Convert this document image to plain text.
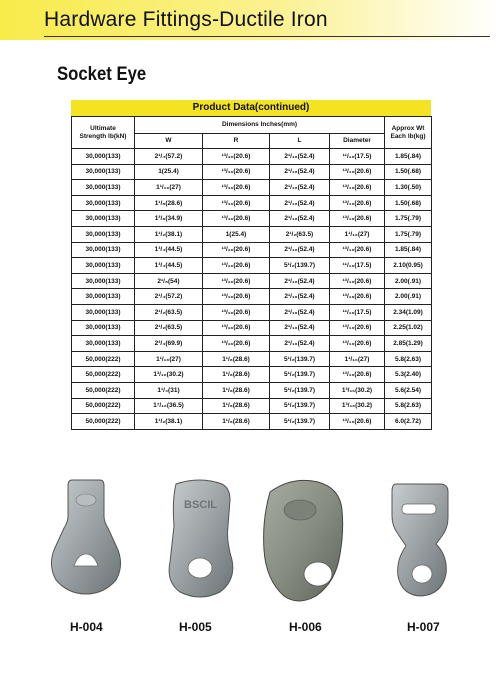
Hardware Fittings-Ductile Iron
Socket Eye
Product Data(continued)
Ultimate Strength lb(kN)	Dimensions Inches(mm)				Approx Wt Each lb(kg)
	W	R	L	Diameter	
30,000(133)	2¹/₄(57.2)	¹³/₁₆(20.6)	2¹/₁₆(52.4)	¹¹/₁₆(17.5)	1.85(.84)
30,000(133)	1(25.4)	¹³/₁₆(20.6)	2¹/₁₆(52.4)	¹³/₁₆(20.6)	1.50(.68)
30,000(133)	1¹/₁₆(27)	¹³/₁₆(20.6)	2¹/₁₆(52.4)	¹³/₁₆(20.6)	1.30(.50)
30,000(133)	1¹/₈(28.6)	¹³/₁₆(20.6)	2¹/₁₆(52.4)	¹³/₁₆(20.6)	1.50(.68)
30,000(133)	1³/₈(34.9)	¹³/₁₆(20.6)	2¹/₁₆(52.4)	¹³/₁₆(20.6)	1.75(.79)
30,000(133)	1¹/₂(38.1)	1(25.4)	2¹/₂(63.5)	1¹/₁₆(27)	1.75(.79)
30,000(133)	1³/₄(44.5)	¹³/₁₆(20.6)	2¹/₁₆(52.4)	¹³/₁₆(20.6)	1.85(.84)
30,000(133)	1³/₄(44.5)	¹³/₁₆(20.6)	5¹/₂(139.7)	¹¹/₁₆(17.5)	2.10(0.95)
30,000(133)	2¹/₈(54)	¹³/₁₆(20.6)	2¹/₁₆(52.4)	¹³/₁₆(20.6)	2.00(.91)
30,000(133)	2¹/₄(57.2)	¹³/₁₆(20.6)	2¹/₁₆(52.4)	¹³/₁₆(20.6)	2.00(.91)
30,000(133)	2¹/₂(63.5)	¹³/₁₆(20.6)	2¹/₁₆(52.4)	¹¹/₁₆(17.5)	2.34(1.09)
30,000(133)	2¹/₂(63.5)	¹³/₁₆(20.6)	2¹/₁₆(52.4)	¹³/₁₆(20.6)	2.25(1.02)
30,000(133)	2³/₄(69.9)	¹³/₁₆(20.6)	2¹/₁₆(52.4)	¹³/₁₆(20.6)	2.85(1.29)
50,000(222)	1¹/₁₆(27)	1¹/₈(28.6)	5¹/₂(139.7)	1¹/₁₆(27)	5.8(2.63)
50,000(222)	1³/₁₆(30.2)	1¹/₈(28.6)	5¹/₂(139.7)	¹³/₁₆(20.6)	5.3(2.40)
50,000(222)	1¹/₄(31)	1¹/₈(28.6)	5¹/₂(139.7)	1³/₁₆(30.2)	5.6(2.54)
50,000(222)	1⁷/₁₆(36.5)	1¹/₈(28.6)	5¹/₂(139.7)	1³/₁₆(30.2)	5.8(2.63)
50,000(222)	1¹/₂(38.1)	1¹/₈(28.6)	5¹/₂(139.7)	¹³/₁₆(20.6)	6.0(2.72)
BSCIL
H-004	H-005	H-006	H-007
